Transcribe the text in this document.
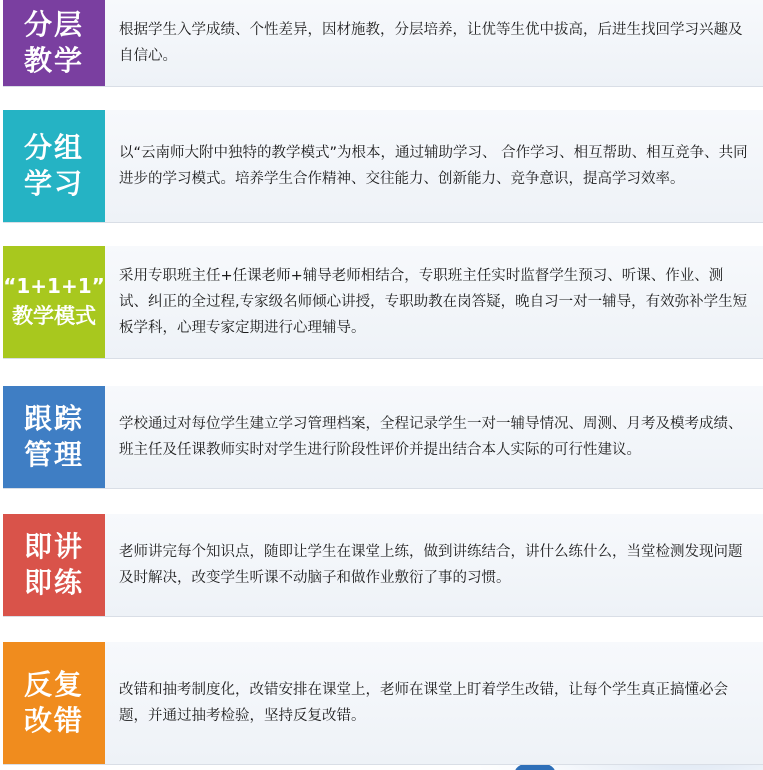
分层
教学

根据学生入学成绩、个性差异，因材施教，分层培养，让优等生优中拔高，后进生找回学习兴趣及自信心。

分组
学习

以“云南师大附中独特的教学模式”为根本，通过辅助学习、 合作学习、相互帮助、相互竞争、共同进步的学习模式。培养学生合作精神、交往能力、创新能力、竞争意识，提高学习效率。

“1+1+1”
教学模式

采用专职班主任+任课老师+辅导老师相结合，专职班主任实时监督学生预习、听课、作业、测试、纠正的全过程,专家级名师倾心讲授，专职助教在岗答疑，晚自习一对一辅导，有效弥补学生短板学科，心理专家定期进行心理辅导。

跟踪
管理

学校通过对每位学生建立学习管理档案，全程记录学生一对一辅导情况、周测、月考及模考成绩、班主任及任课教师实时对学生进行阶段性评价并提出结合本人实际的可行性建议。

即讲
即练

老师讲完每个知识点，随即让学生在课堂上练，做到讲练结合，讲什么练什么，当堂检测发现问题及时解决，改变学生听课不动脑子和做作业敷衍了事的习惯。

反复
改错

改错和抽考制度化，改错安排在课堂上，老师在课堂上盯着学生改错，让每个学生真正搞懂必会题，并通过抽考检验，坚持反复改错。
